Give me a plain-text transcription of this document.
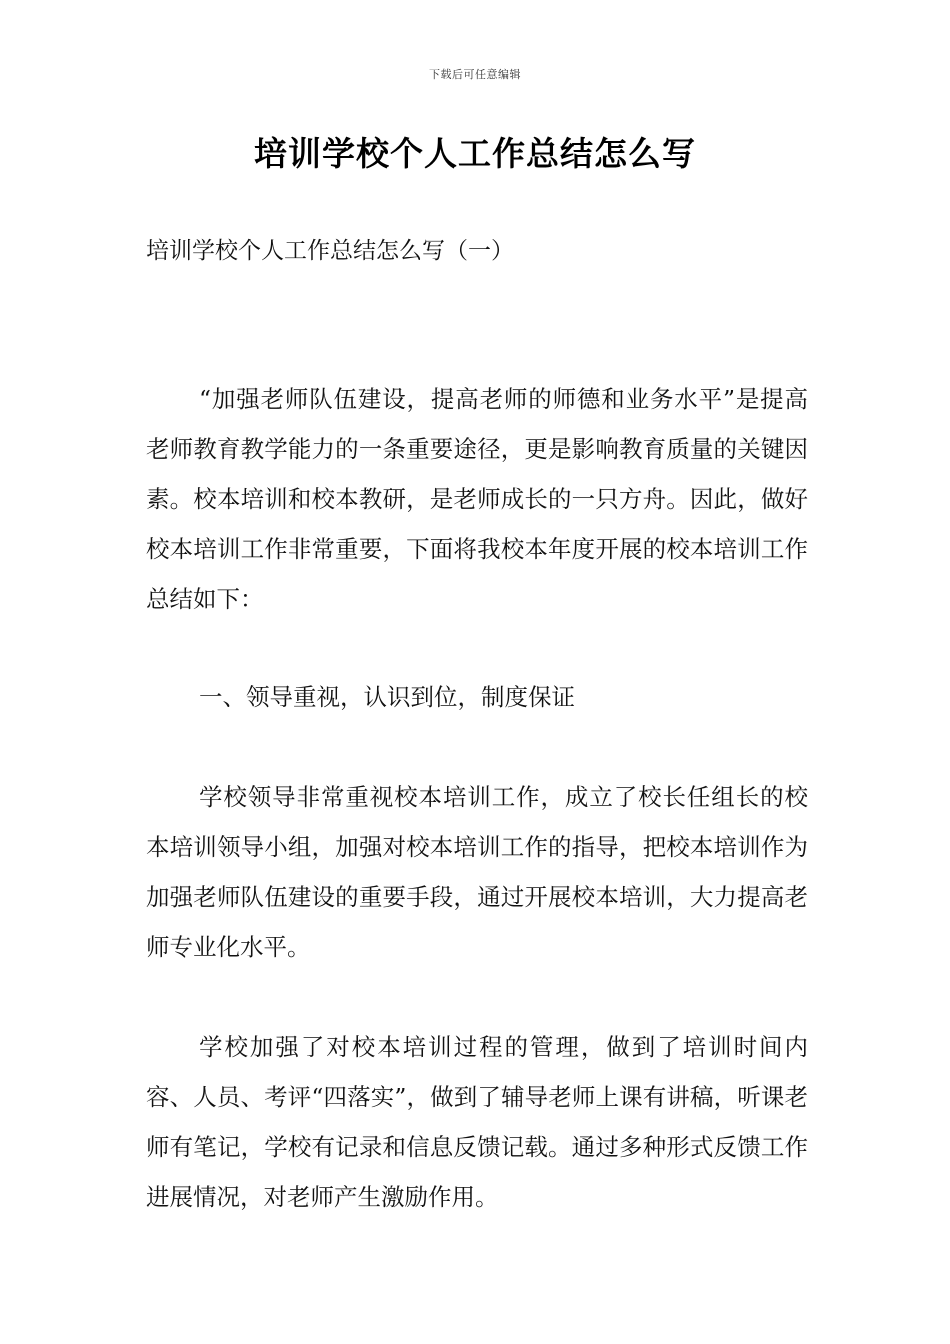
下载后可任意编辑
培训学校个人工作总结怎么写

培训学校个人工作总结怎么写（一）

“加强老师队伍建设，提高老师的师德和业务水平”是提高老师教育教学能力的一条重要途径，更是影响教育质量的关键因素。校本培训和校本教研，是老师成长的一只方舟。因此，做好校本培训工作非常重要，下面将我校本年度开展的校本培训工作总结如下：

一、领导重视，认识到位，制度保证

学校领导非常重视校本培训工作，成立了校长任组长的校本培训领导小组，加强对校本培训工作的指导，把校本培训作为加强老师队伍建设的重要手段，通过开展校本培训，大力提高老师专业化水平。

学校加强了对校本培训过程的管理，做到了培训时间内容、人员、考评“四落实”，做到了辅导老师上课有讲稿，听课老师有笔记，学校有记录和信息反馈记载。通过多种形式反馈工作进展情况，对老师产生激励作用。
